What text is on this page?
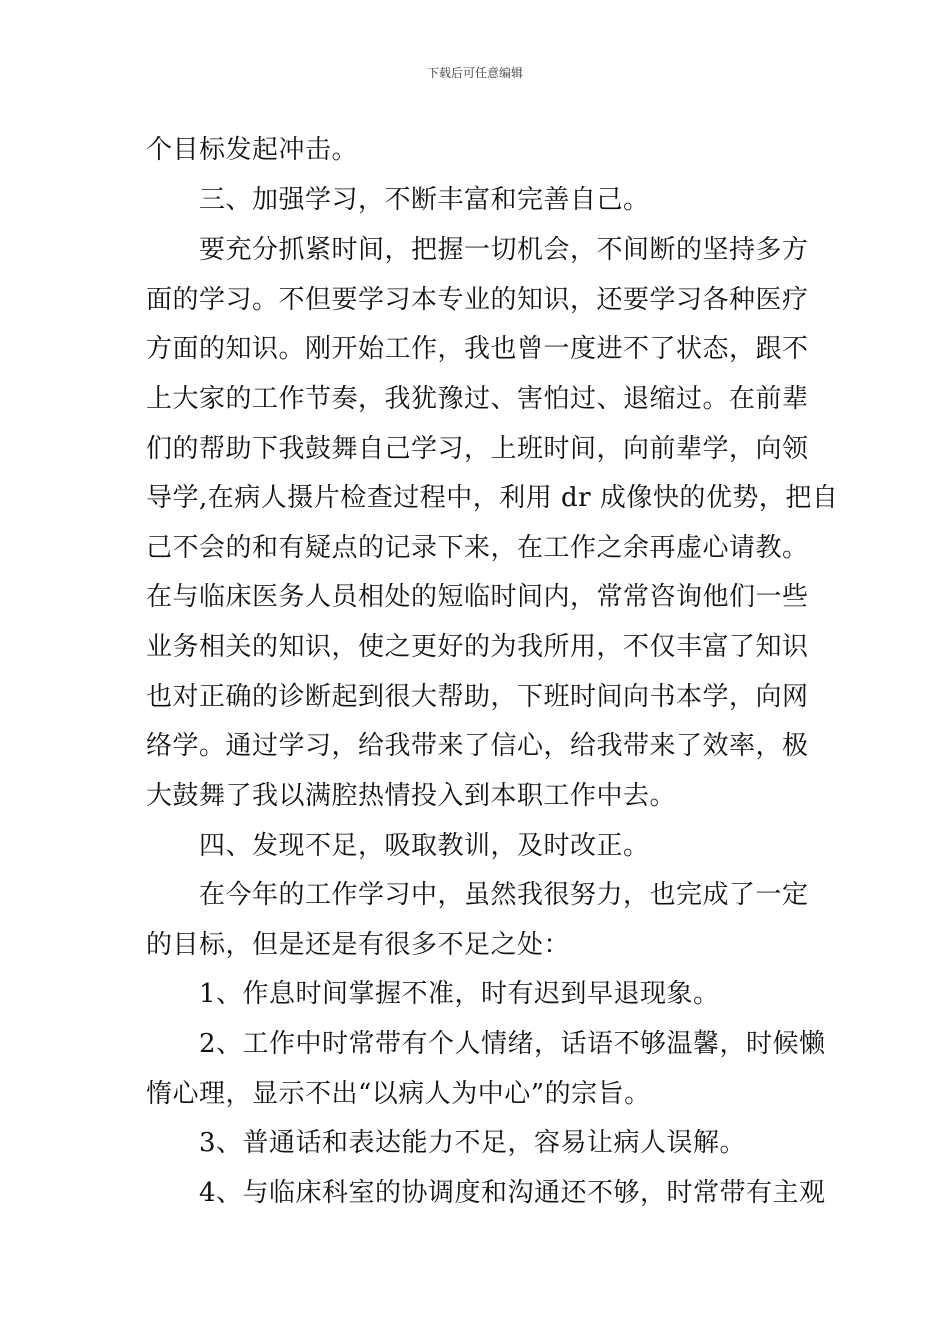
下载后可任意编辑
个目标发起冲击。
　　三、加强学习，不断丰富和完善自己。
　　要充分抓紧时间，把握一切机会，不间断的坚持多方
面的学习。不但要学习本专业的知识，还要学习各种医疗
方面的知识。刚开始工作，我也曾一度进不了状态，跟不
上大家的工作节奏，我犹豫过、害怕过、退缩过。在前辈
们的帮助下我鼓舞自己学习，上班时间，向前辈学，向领
导学,在病人摄片检查过程中，利用 dr 成像快的优势，把自
己不会的和有疑点的记录下来，在工作之余再虚心请教。
在与临床医务人员相处的短临时间内，常常咨询他们一些
业务相关的知识，使之更好的为我所用，不仅丰富了知识
也对正确的诊断起到很大帮助，下班时间向书本学，向网
络学。通过学习，给我带来了信心，给我带来了效率，极
大鼓舞了我以满腔热情投入到本职工作中去。
　　四、发现不足，吸取教训，及时改正。
　　在今年的工作学习中，虽然我很努力，也完成了一定
的目标，但是还是有很多不足之处：
　　1、作息时间掌握不准，时有迟到早退现象。
　　2、工作中时常带有个人情绪，话语不够温馨，时候懒
惰心理，显示不出“以病人为中心”的宗旨。
　　3、普通话和表达能力不足，容易让病人误解。
　　4、与临床科室的协调度和沟通还不够，时常带有主观
